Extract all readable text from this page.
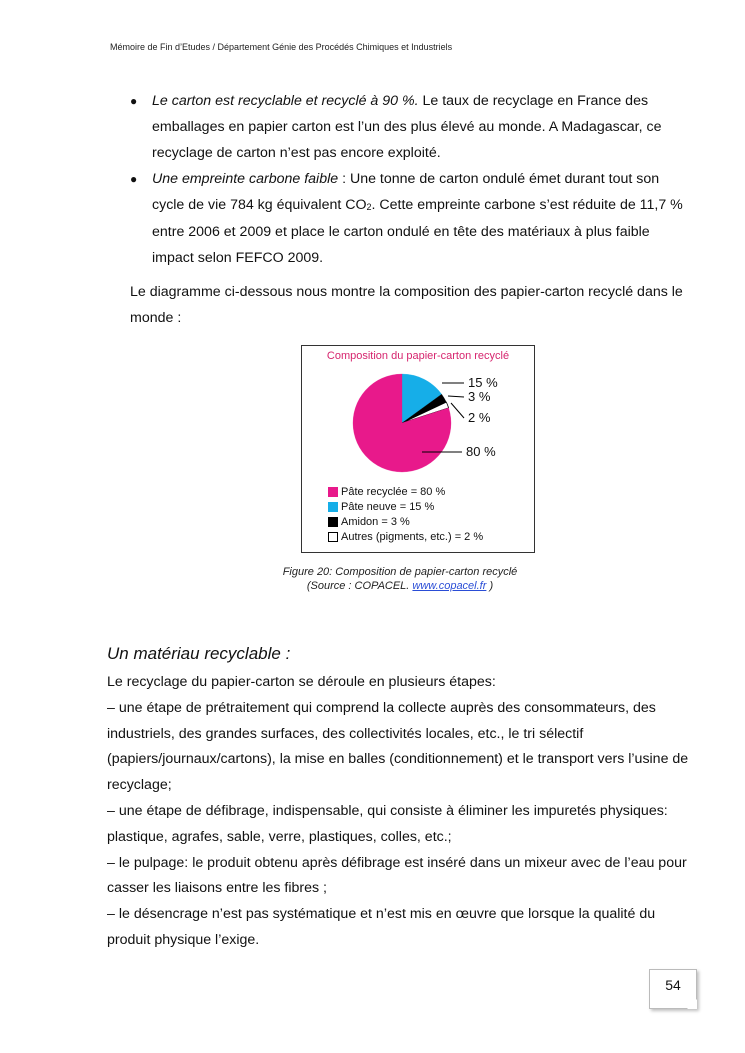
Mémoire de Fin d’Etudes / Département Génie des Procédés Chimiques et Industriels
● Le carton est recyclable et recyclé à 90 %. Le taux de recyclage en France des emballages en papier carton est l’un des plus élevé au monde. A Madagascar, ce recyclage de carton n’est pas encore exploité.
● Une empreinte carbone faible : Une tonne de carton ondulé émet durant tout son cycle de vie 784 kg équivalent $CO_2$. Cette empreinte carbone s’est réduite de 11,7 % entre 2006 et 2009 et place le carton ondulé en tête des matériaux à plus faible impact selon FEFCO 2009.
Le diagramme ci-dessous nous montre la composition des papier-carton recyclé dans le monde :
Composition du papier-carton recyclé
15 %
3 %
2 %
80 %
Pâte recyclée = 80 %
Pâte neuve = 15 %
Amidon = 3 %
Autres (pigments, etc.) = 2 %
Figure 20: Composition de papier-carton recyclé
(Source : COPACEL. www.copacel.fr )
Un matériau recyclable :
Le recyclage du papier-carton se déroule en plusieurs étapes:
– une étape de prétraitement qui comprend la collecte auprès des consommateurs, des industriels, des grandes surfaces, des collectivités locales, etc., le tri sélectif (papiers/journaux/cartons), la mise en balles (conditionnement) et le transport vers l’usine de recyclage;
– une étape de défibrage, indispensable, qui consiste à éliminer les impuretés physiques: plastique, agrafes, sable, verre, plastiques, colles, etc.;
– le pulpage: le produit obtenu après défibrage est inséré dans un mixeur avec de l’eau pour casser les liaisons entre les fibres ;
– le désencrage n’est pas systématique et n’est mis en œuvre que lorsque la qualité du produit physique l’exige.
54
